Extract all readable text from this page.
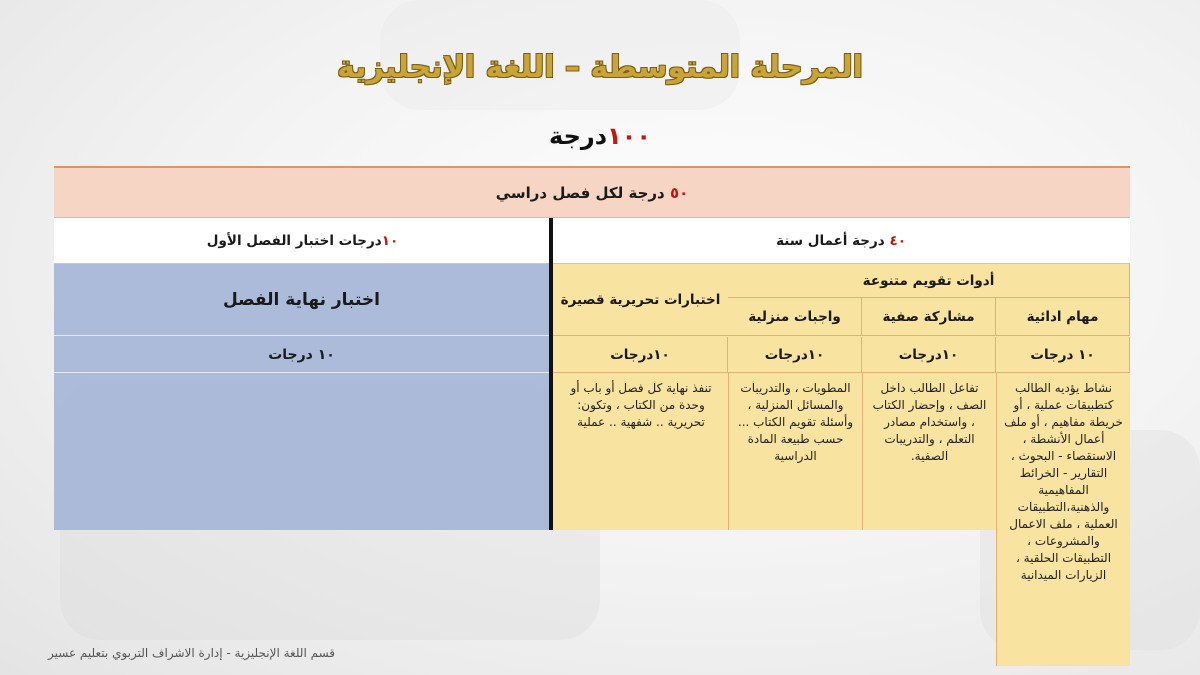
المرحلة المتوسطة – اللغة الإنجليزية
١٠٠درجة
٥٠

درجة لكل فصل دراسي
٤٠

درجة أعمال سنة
١٠
درجات اختبار الفصل الأول
اختبار نهاية الفصل
١٠ درجات
أدوات تقويم متنوعة
اختبارات تحريرية قصيرة
مهام ادائية
مشاركة صفية
واجبات منزلية
١٠ درجات
١٠درجات
١٠درجات
١٠درجات
نشاط يؤديه الطالب كتطبيقات عملية ، أو خريطة مفاهيم ، أو ملف أعمال الأنشطة ، الاستقصاء - البحوث ، التقارير - الخرائط المفاهيمية والذهنية،التطبيقات العملية ، ملف الاعمال والمشروعات ، التطبيقات الحلقية ، الزيارات الميدانية
تفاعل الطالب داخل الصف ، وإحضار الكتاب ، واستخدام مصادر التعلم ، والتدريبات الصفية.
المطويات ، والتدريبات والمسائل المنزلية ، وأسئلة تقويم الكتاب ... حسب طبيعة المادة الدراسية
تنفذ نهاية كل فصل أو باب أو وحدة من الكتاب ، وتكون: تحريرية .. شفهية .. عملية
قسم اللغة الإنجليزية - إدارة الاشراف التربوي بتعليم عسير
